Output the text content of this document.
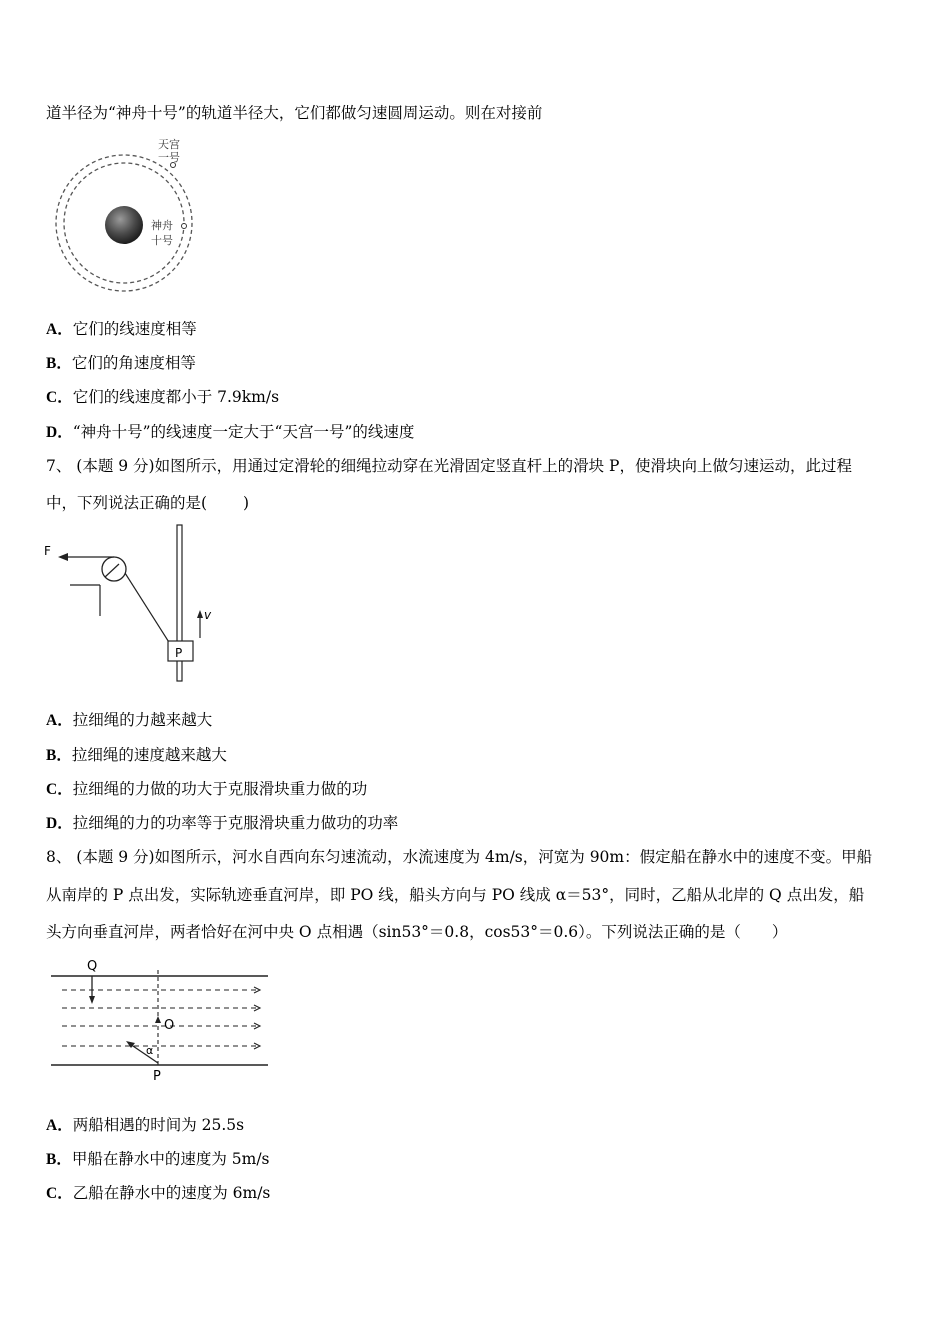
道半径为“神舟十号”的轨道半径大，它们都做匀速圆周运动。则在对接前
天宫
一号
神舟
十号
A．它们的线速度相等
B．它们的角速度相等
C．它们的线速度都小于 7.9km/s
D．“神舟十号”的线速度一定大于“天宫一号”的线速度
7、 (本题 9 分)如图所示，用通过定滑轮的细绳拉动穿在光滑固定竖直杆上的滑块 P，使滑块向上做匀速运动，此过程
中，下列说法正确的是(　　 )
F
P
v
A．拉细绳的力越来越大
B．拉细绳的速度越来越大
C．拉细绳的力做的功大于克服滑块重力做的功
D．拉细绳的力的功率等于克服滑块重力做功的功率
8、 (本题 9 分)如图所示，河水自西向东匀速流动，水流速度为 4m/s，河宽为 90m：假定船在静水中的速度不变。甲船
从南岸的 P 点出发，实际轨迹垂直河岸，即 PO 线，船头方向与 PO 线成 α＝53°，同时，乙船从北岸的 Q 点出发，船
头方向垂直河岸，两者恰好在河中央 O 点相遇（sin53°＝0.8，cos53°＝0.6）。下列说法正确的是（　　）
Q
O
α
P
A．两船相遇的时间为 25.5s
B．甲船在静水中的速度为 5m/s
C．乙船在静水中的速度为 6m/s
